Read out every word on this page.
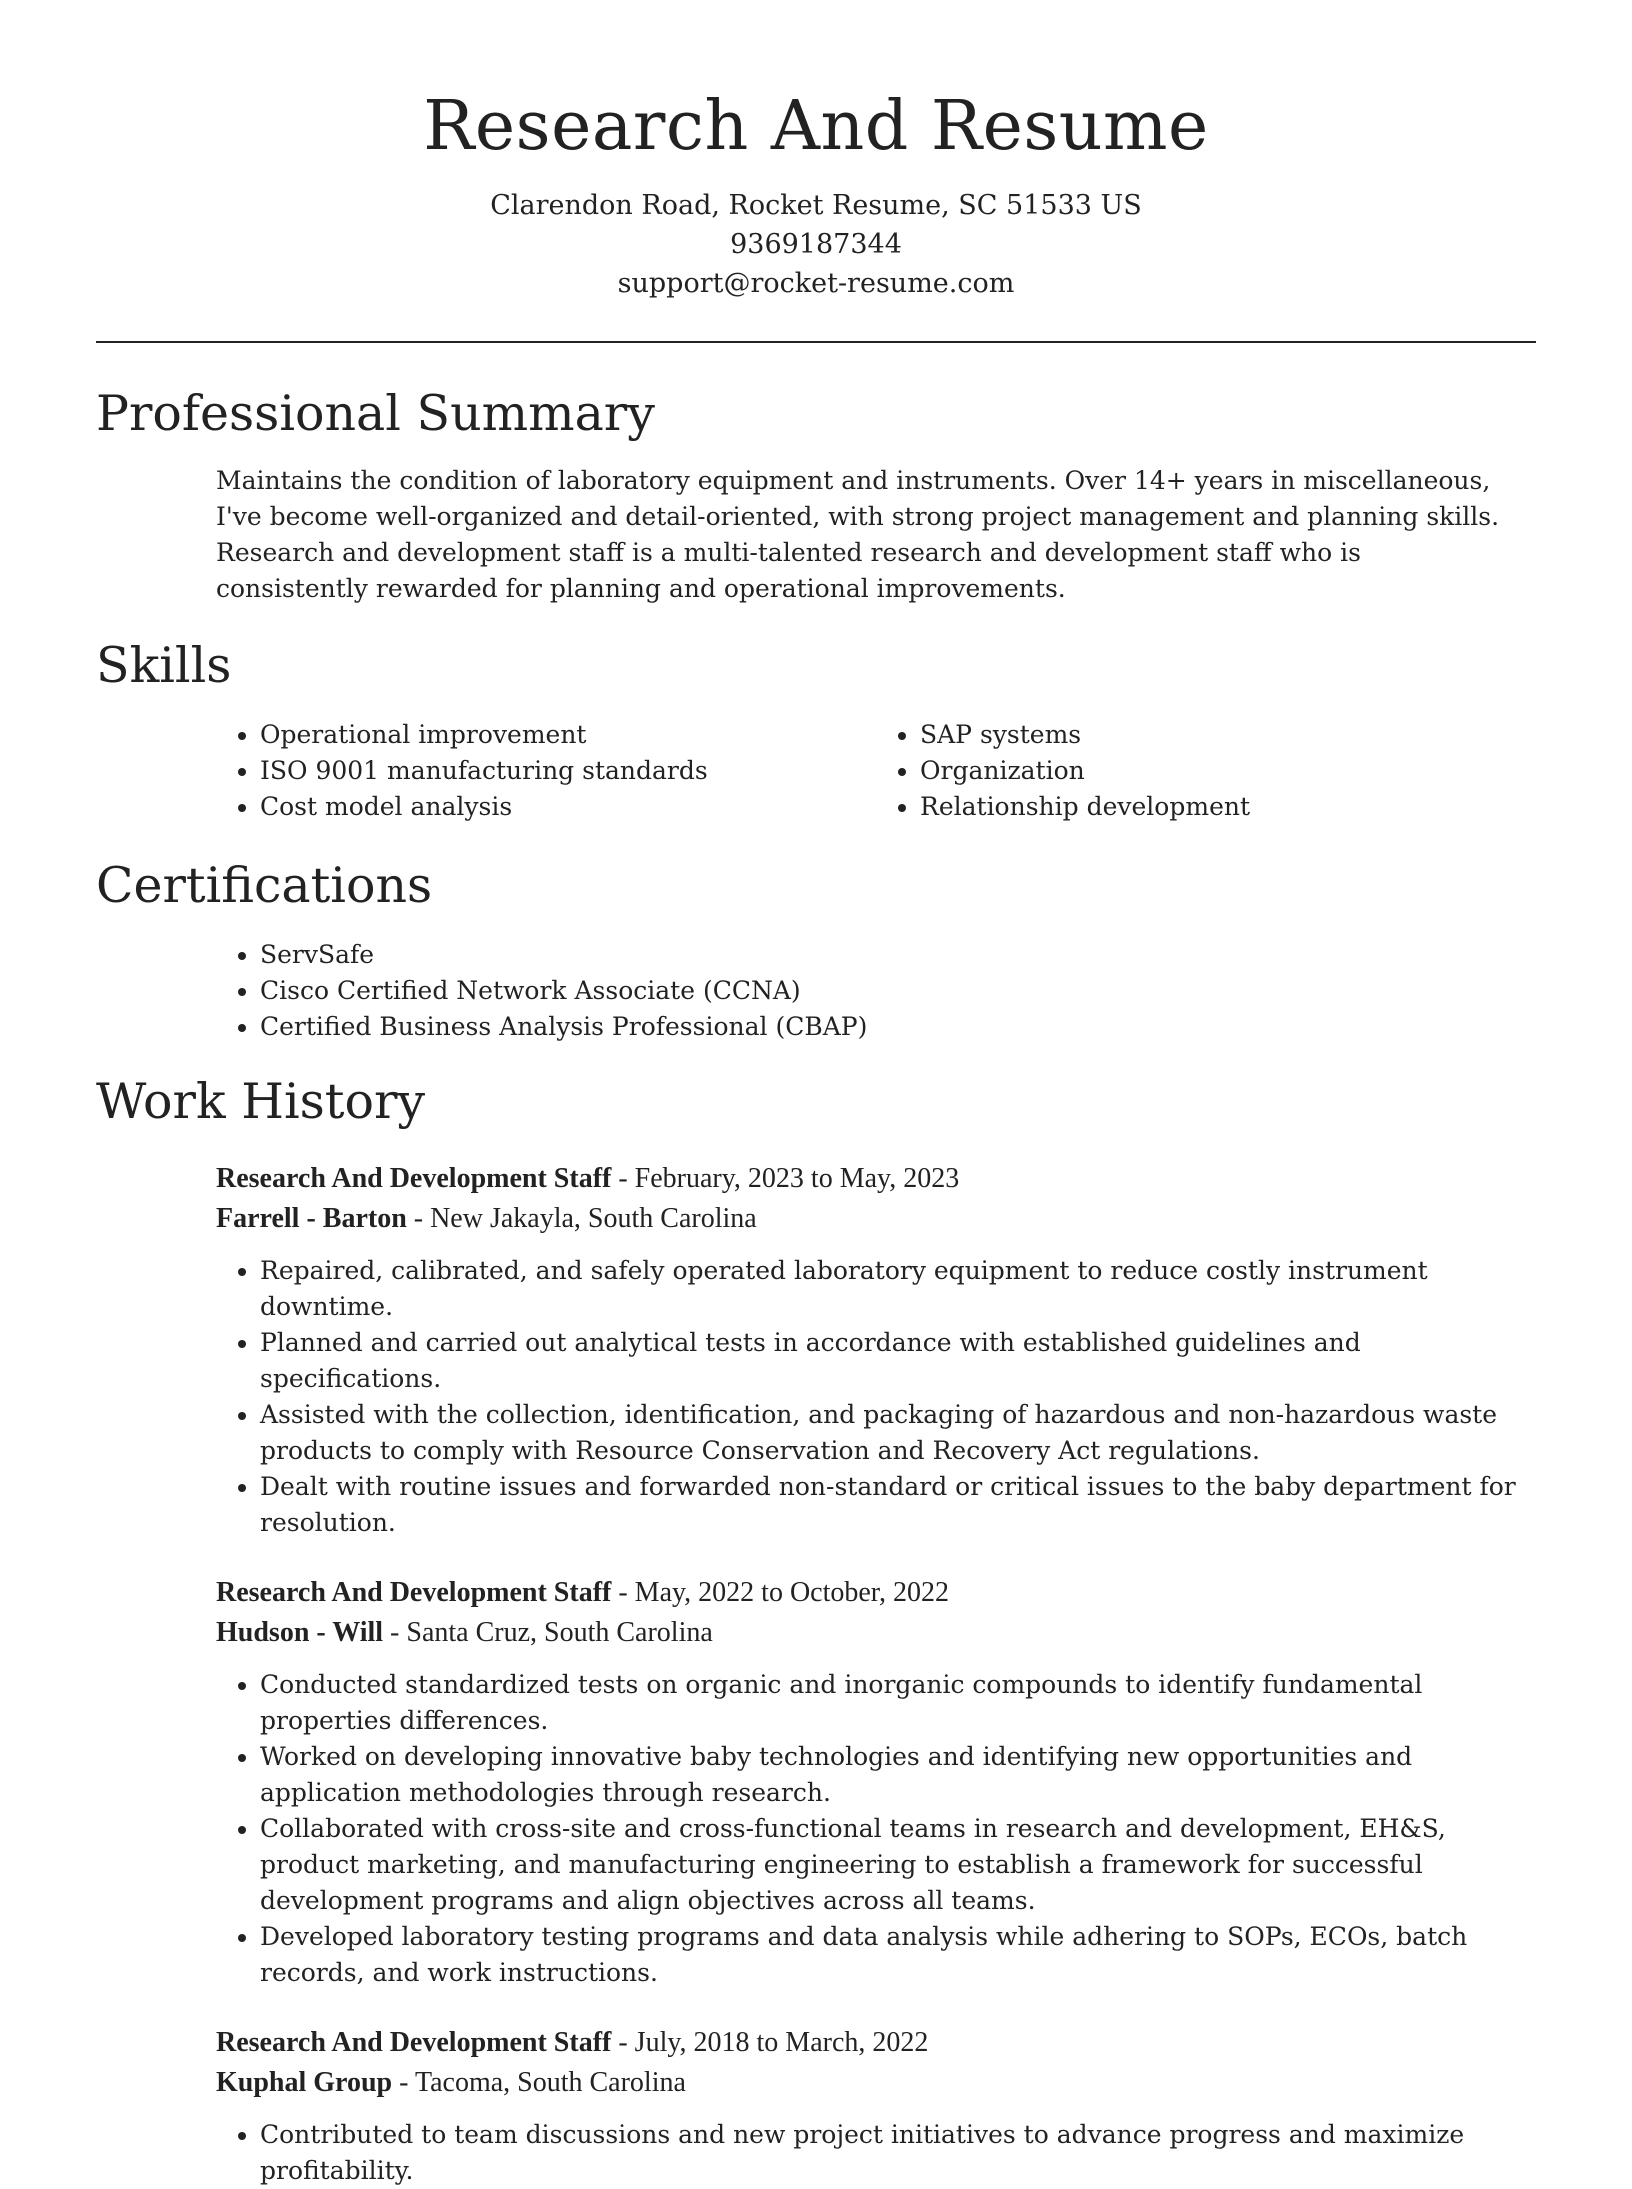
Research And Resume

Clarendon Road, Rocket Resume, SC 51533 US

9369187344

support@rocket-resume.com

Professional Summary

Maintains the condition of laboratory equipment and instruments. Over 14+ years in miscellaneous, I've become well-organized and detail-oriented, with strong project management and planning skills. Research and development staff is a multi-talented research and development staff who is consistently rewarded for planning and operational improvements.

Skills
• Operational improvement
• ISO 9001 manufacturing standards
• Cost model analysis
• SAP systems
• Organization
• Relationship development
Certifications
• ServSafe
• Cisco Certified Network Associate (CCNA)
• Certified Business Analysis Professional (CBAP)
Work History

Research And Development Staff - February, 2023 to May, 2023

Farrell - Barton - New Jakayla, South Carolina

• Repaired, calibrated, and safely operated laboratory equipment to reduce costly instrument downtime.
• Planned and carried out analytical tests in accordance with established guidelines and specifications.
• Assisted with the collection, identification, and packaging of hazardous and non-hazardous waste products to comply with Resource Conservation and Recovery Act regulations.
• Dealt with routine issues and forwarded non-standard or critical issues to the baby department for resolution.

Research And Development Staff - May, 2022 to October, 2022

Hudson - Will - Santa Cruz, South Carolina

• Conducted standardized tests on organic and inorganic compounds to identify fundamental properties differences.
• Worked on developing innovative baby technologies and identifying new opportunities and application methodologies through research.
• Collaborated with cross-site and cross-functional teams in research and development, EH&S, product marketing, and manufacturing engineering to establish a framework for successful development programs and align objectives across all teams.
• Developed laboratory testing programs and data analysis while adhering to SOPs, ECOs, batch records, and work instructions.

Research And Development Staff - July, 2018 to March, 2022

Kuphal Group - Tacoma, South Carolina

• Contributed to team discussions and new project initiatives to advance progress and maximize profitability.
